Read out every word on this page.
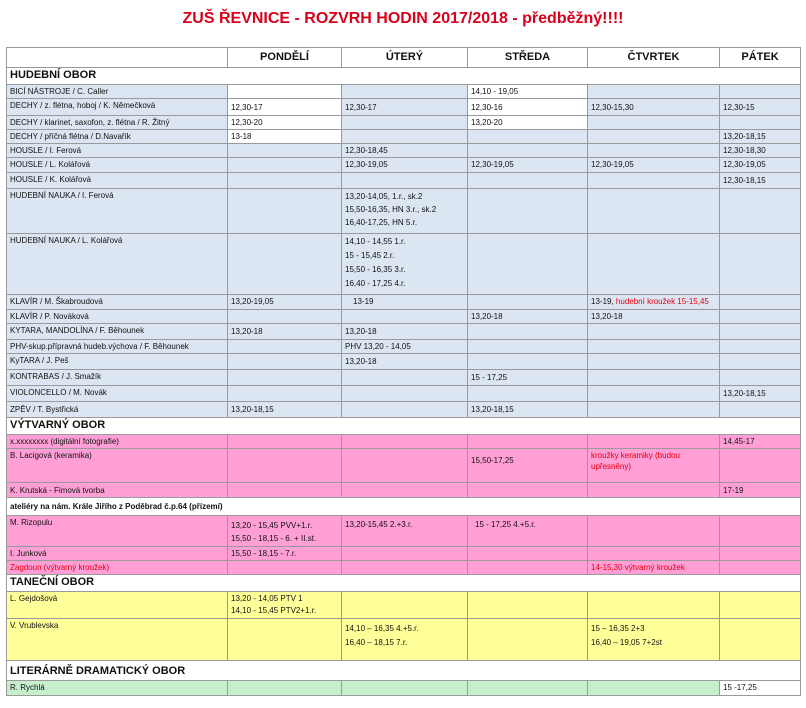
ZUŠ ŘEVNICE - ROZVRH HODIN 2017/2018 - předběžný!!!!
	PONDĚLÍ	ÚTERÝ	STŘEDA	ČTVRTEK	PÁTEK
HUDEBNÍ OBOR					
BICÍ NÁSTROJE / C. Caller			14,10 - 19,05		
DECHY / z. flétna, hoboj / K. Němečková	12,30-17	12,30-17	12,30-16	12,30-15,30	12,30-15
DECHY / klarinet, saxofon, z. flétna / R. Žitný	12,30-20		13,20-20		
DECHY / příčná flétna / D.Navařík	13-18				13,20-18,15
HOUSLE / I. Ferová		12,30-18,45			12,30-18,30
HOUSLE / L. Kolářová		12,30-19,05	12,30-19,05	12,30-19,05	12,30-19,05
HOUSLE / K. Kolářová					12,30-18,15
HUDEBNÍ NAUKA / I. Ferová		13,20-14,05, 1.r., sk.2
15,50-16,35, HN 3.r., sk.2
16,40-17,25, HN 5.r.			

HUDEBNÍ NAUKA / L. Kolářová		14,10 - 14,55 1.r.
15 - 15,45 2.r.
15,50 - 16,35 3.r.
16,40 - 17,25 4.r.			

KLAVÍR / M. Škabroudová	13,20-19,05	13-19		13-19, hudební kroužek 15-15,45	
KLAVÍR / P. Nováková			13,20-18	13,20-18	
KYTARA, MANDOLÍNA / F. Běhounek	13,20-18	13,20-18			
PHV-skup.přípravná hudeb.výchova / F. Běhounek		PHV 13,20 - 14,05			
KyTARA / J. Peš		13,20-18			
KONTRABAS / J. Smažík			15 - 17,25		
VIOLONCELLO / M. Novák					13,20-18,15
ZPĚV / T. Bystřická	13,20-18,15		13,20-18,15		
VÝTVARNÝ OBOR					
x.xxxxxxxx (digitální fotografie)					14,45-17
B. Lacigová (keramika)			15,50-17,25	kroužky keramiky (budou upřesněny)	
K. Krutská - Fimová tvorba					17-19
ateliéry na nám. Krále Jiřího z Poděbrad č.p.64 (přízemí)					
M. Rizopulu	13,20 - 15,45 PVV+1.r.
15,50 - 18,15 - 6. + II.st.	13,20-15,45 2.+3.r.	15 - 17,25 4.+5.r.		
I. Junková	15,50 - 18,15 - 7.r.				
Zagdoun (výtvarný kroužek)				14-15,30 výtvarný kroužek	
TANEČNÍ OBOR					
L. Gejdošová	13,20 - 14,05 PTV 1
14,10 - 15,45 PTV2+1.r.				

V. Vrublevska		14,10 – 16,35 4.+5.r.
16,40 – 18,15 7.r.		15 – 16,35 2+3
16,40 – 19,05 7+2st	

LITERÁRNĚ DRAMATICKÝ OBOR					
R. Rychlá					15 -17,25
